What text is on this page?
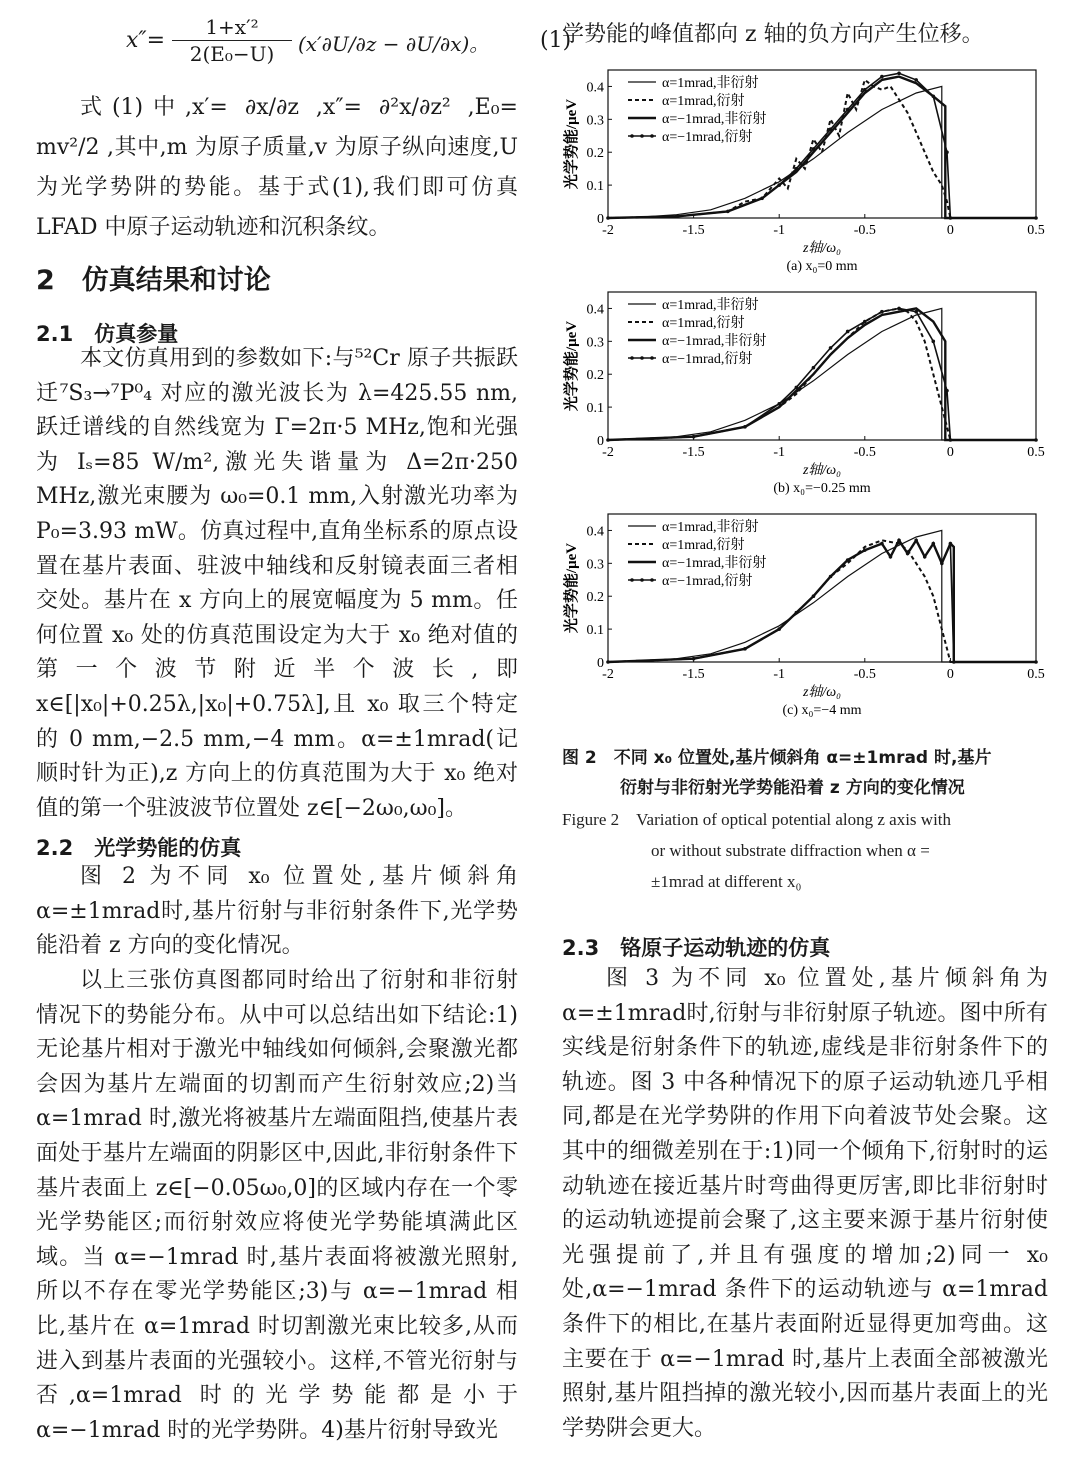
$x''= \frac{\text{1+x′²}}{\text{2(E₀−U)}} (x'\partial U/\partial z - \partial U/\partial x)$。 (1)

式(1)中,x′= ∂x/∂z ,x″= ∂²x/∂z² ,E₀= mv²/2 ,其中,m 为原子质量,v 为原子纵向速度,U 为光学势阱的势能。基于式(1),我们即可仿真 LFAD 中原子运动轨迹和沉积条纹。

2　仿真结果和讨论
2.1　仿真参量

本文仿真用到的参数如下:与⁵²Cr 原子共振跃迁⁷S₃→⁷P⁰₄ 对应的激光波长为 λ=425.55 nm,跃迁谱线的自然线宽为 Γ=2π·5 MHz,饱和光强为 Iₛ=85 W/m²,激光失谐量为 Δ=2π·250 MHz,激光束腰为 ω₀=0.1 mm,入射激光功率为 P₀=3.93 mW。仿真过程中,直角坐标系的原点设置在基片表面、驻波中轴线和反射镜表面三者相交处。基片在 x 方向上的展宽幅度为 5 mm。任何位置 x₀ 处的仿真范围设定为大于 x₀ 绝对值的第一个波节附近半个波长,即 x∈[|x₀|+0.25λ,|x₀|+0.75λ],且 x₀ 取三个特定的 0 mm,−2.5 mm,−4 mm。α=±1mrad(记顺时针为正),z 方向上的仿真范围为大于 x₀ 绝对值的第一个驻波波节位置处 z∈[−2ω₀,ω₀]。

2.2　光学势能的仿真

图 2 为不同 x₀ 位置处,基片倾斜角 α=±1mrad时,基片衍射与非衍射条件下,光学势能沿着 z 方向的变化情况。

以上三张仿真图都同时给出了衍射和非衍射情况下的势能分布。从中可以总结出如下结论:1)无论基片相对于激光中轴线如何倾斜,会聚激光都会因为基片左端面的切割而产生衍射效应;2)当 α=1mrad 时,激光将被基片左端面阻挡,使基片表面处于基片左端面的阴影区中,因此,非衍射条件下基片表面上 z∈[−0.05ω₀,0]的区域内存在一个零光学势能区;而衍射效应将使光学势能填满此区域。当 α=−1mrad 时,基片表面将被激光照射,所以不存在零光学势能区;3)与 α=−1mrad 相比,基片在 α=1mrad 时切割激光束比较多,从而进入到基片表面的光强较小。这样,不管光衍射与否,α=1mrad 时的光学势能都是小于 α=−1mrad 时的光学势阱。4)基片衍射导致光

学势能的峰值都向 z 轴的负方向产生位移。

-2	-1.5	-1	-0.5	0	0.5
0
0.1
0.2
0.3
0.4
光学势能/μeV
z轴/ω₀
(a) x₀=0 mm
α=1mrad,非衍射
α=1mrad,衍射
α=−1mrad,非衍射
α=−1mrad,衍射
-2	-1.5	-1	-0.5	0	0.5
0
0.1
0.2
0.3
0.4
光学势能/μeV
z轴/ω₀
(b) x₀=−0.25 mm
α=1mrad,非衍射
α=1mrad,衍射
α=−1mrad,非衍射
α=−1mrad,衍射
-2	-1.5	-1	-0.5	0	0.5
0
0.1
0.2
0.3
0.4
光学势能/μeV
z轴/ω₀
(c) x₀=−4 mm
α=1mrad,非衍射
α=1mrad,衍射
α=−1mrad,非衍射
α=−1mrad,衍射
图 2　不同 x₀ 位置处,基片倾斜角 α=±1mrad 时,基片
衍射与非衍射光学势能沿着 z 方向的变化情况
Figure 2　Variation of optical potential along z axis with
or without substrate diffraction when α =
±1mrad at different x₀
2.3　铬原子运动轨迹的仿真

图 3 为不同 x₀ 位置处,基片倾斜角为 α=±1mrad时,衍射与非衍射原子轨迹。图中所有实线是衍射条件下的轨迹,虚线是非衍射条件下的轨迹。图 3 中各种情况下的原子运动轨迹几乎相同,都是在光学势阱的作用下向着波节处会聚。这其中的细微差别在于:1)同一个倾角下,衍射时的运动轨迹在接近基片时弯曲得更厉害,即比非衍射时的运动轨迹提前会聚了,这主要来源于基片衍射使光强提前了,并且有强度的增加;2)同一 x₀ 处,α=−1mrad 条件下的运动轨迹与 α=1mrad 条件下的相比,在基片表面附近显得更加弯曲。这主要在于 α=−1mrad 时,基片上表面全部被激光照射,基片阻挡掉的激光较小,因而基片表面上的光学势阱会更大。
